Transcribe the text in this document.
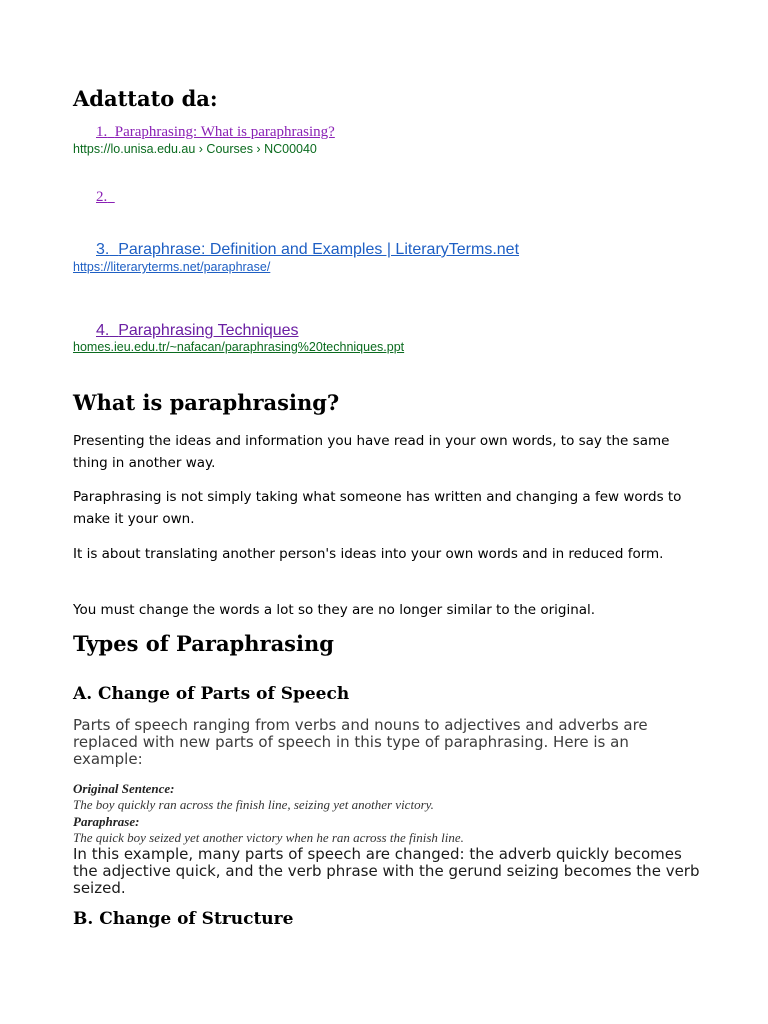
Adattato da:
1. Paraphrasing: What is paraphrasing?
https://lo.unisa.edu.au › Courses › NC00040
2.
3. Paraphrase: Definition and Examples | LiteraryTerms.net
https://literaryterms.net/paraphrase/
4. Paraphrasing Techniques
homes.ieu.edu.tr/~nafacan/paraphrasing%20techniques.ppt
What is paraphrasing?
Presenting the ideas and information you have read in your own words, to say the same thing in another way.
Paraphrasing is not simply taking what someone has written and changing a few words to make it your own.
It is about translating another person's ideas into your own words and in reduced form.
You must change the words a lot so they are no longer similar to the original.
Types of Paraphrasing
A. Change of Parts of Speech
Parts of speech ranging from verbs and nouns to adjectives and adverbs are replaced with new parts of speech in this type of paraphrasing. Here is an example:
Original Sentence:
The boy quickly ran across the finish line, seizing yet another victory.
Paraphrase:
The quick boy seized yet another victory when he ran across the finish line.
In this example, many parts of speech are changed: the adverb quickly becomes the adjective quick, and the verb phrase with the gerund seizing becomes the verb seized.
B. Change of Structure
